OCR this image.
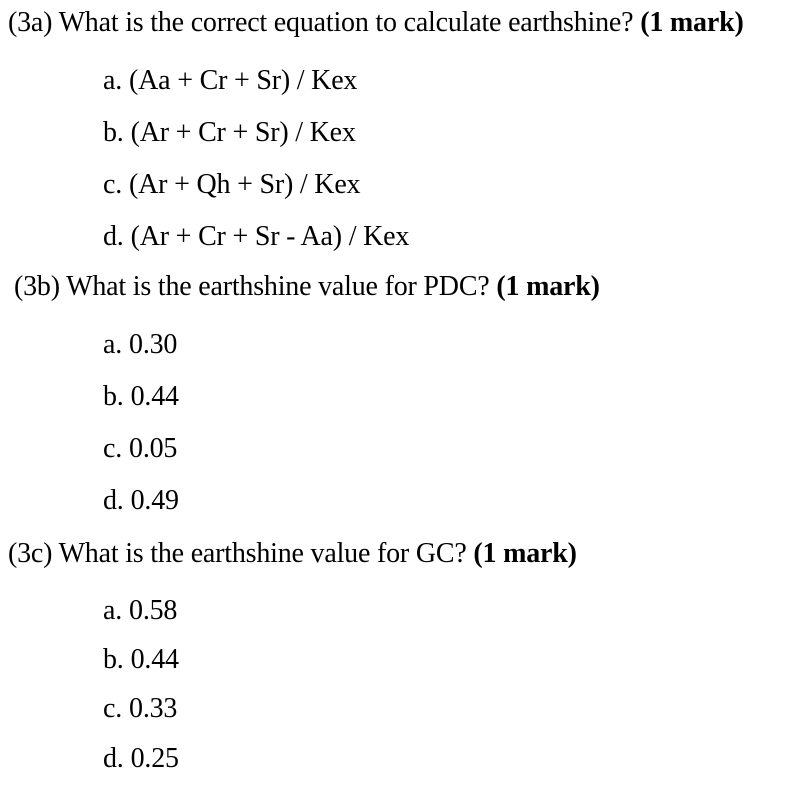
(3a) What is the correct equation to calculate earthshine? (1 mark)
a. (Aa + Cr + Sr) / Kex
b. (Ar + Cr + Sr) / Kex
c. (Ar + Qh + Sr) / Kex
d. (Ar + Cr + Sr - Aa) / Kex
(3b) What is the earthshine value for PDC? (1 mark)
a. 0.30
b. 0.44
c. 0.05
d. 0.49
(3c) What is the earthshine value for GC? (1 mark)
a. 0.58
b. 0.44
c. 0.33
d. 0.25
